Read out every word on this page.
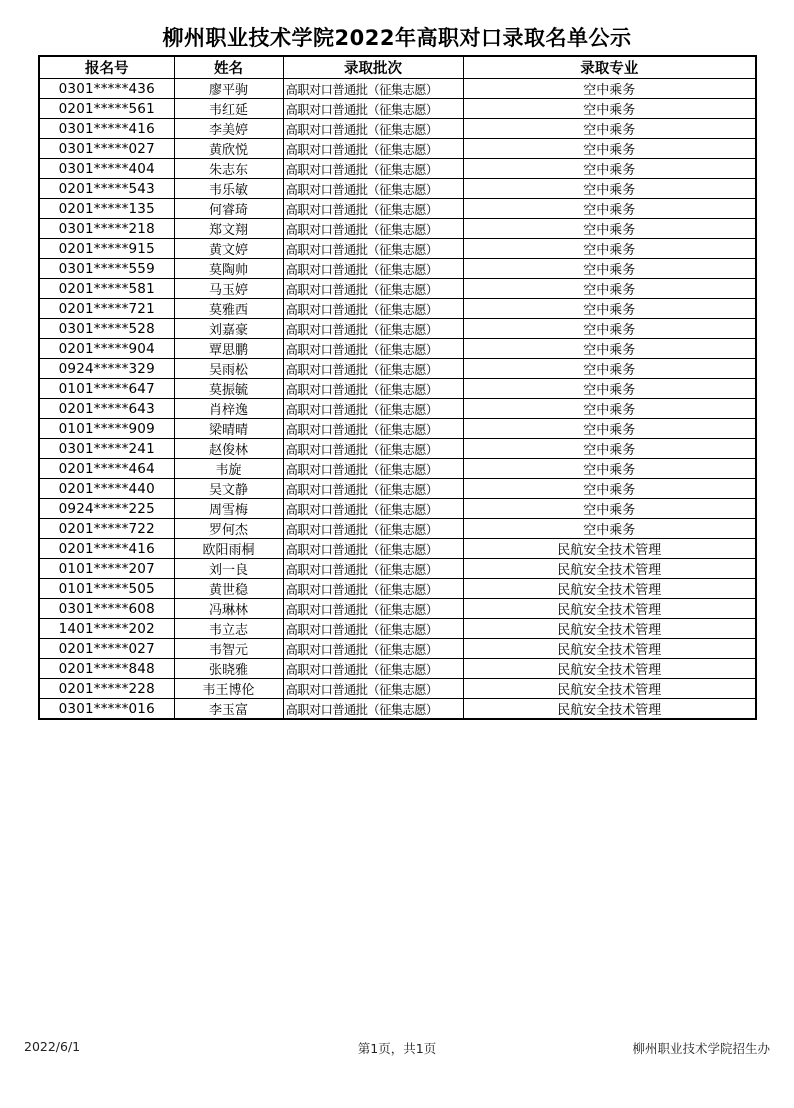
柳州职业技术学院2022年高职对口录取名单公示
报名号	姓名	录取批次	录取专业
0301*****436	廖平驹	高职对口普通批（征集志愿）	空中乘务
0201*****561	韦红延	高职对口普通批（征集志愿）	空中乘务
0301*****416	李美婷	高职对口普通批（征集志愿）	空中乘务
0301*****027	黄欣悦	高职对口普通批（征集志愿）	空中乘务
0301*****404	朱志东	高职对口普通批（征集志愿）	空中乘务
0201*****543	韦乐敏	高职对口普通批（征集志愿）	空中乘务
0201*****135	何睿琦	高职对口普通批（征集志愿）	空中乘务
0301*****218	郑文翔	高职对口普通批（征集志愿）	空中乘务
0201*****915	黄文婷	高职对口普通批（征集志愿）	空中乘务
0301*****559	莫陶帅	高职对口普通批（征集志愿）	空中乘务
0201*****581	马玉婷	高职对口普通批（征集志愿）	空中乘务
0201*****721	莫雅西	高职对口普通批（征集志愿）	空中乘务
0301*****528	刘嘉豪	高职对口普通批（征集志愿）	空中乘务
0201*****904	覃思鹏	高职对口普通批（征集志愿）	空中乘务
0924*****329	吴雨松	高职对口普通批（征集志愿）	空中乘务
0101*****647	莫振毓	高职对口普通批（征集志愿）	空中乘务
0201*****643	肖梓逸	高职对口普通批（征集志愿）	空中乘务
0101*****909	梁晴晴	高职对口普通批（征集志愿）	空中乘务
0301*****241	赵俊林	高职对口普通批（征集志愿）	空中乘务
0201*****464	韦旋	高职对口普通批（征集志愿）	空中乘务
0201*****440	吴文静	高职对口普通批（征集志愿）	空中乘务
0924*****225	周雪梅	高职对口普通批（征集志愿）	空中乘务
0201*****722	罗何杰	高职对口普通批（征集志愿）	空中乘务
0201*****416	欧阳雨桐	高职对口普通批（征集志愿）	民航安全技术管理
0101*****207	刘一良	高职对口普通批（征集志愿）	民航安全技术管理
0101*****505	黄世稳	高职对口普通批（征集志愿）	民航安全技术管理
0301*****608	冯琳林	高职对口普通批（征集志愿）	民航安全技术管理
1401*****202	韦立志	高职对口普通批（征集志愿）	民航安全技术管理
0201*****027	韦智元	高职对口普通批（征集志愿）	民航安全技术管理
0201*****848	张晓雅	高职对口普通批（征集志愿）	民航安全技术管理
0201*****228	韦王博伦	高职对口普通批（征集志愿）	民航安全技术管理
0301*****016	李玉富	高职对口普通批（征集志愿）	民航安全技术管理
2022/6/1	第1页，共1页	柳州职业技术学院招生办
